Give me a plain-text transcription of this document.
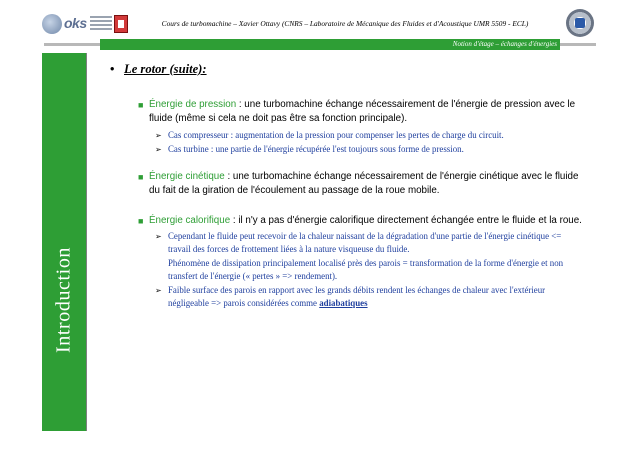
oks	Cours de turbomachine – Xavier Ottavy (CNRS – Laboratoire de Mécanique des Fluides et d'Acoustique UMR 5509 - ECL)
Notion d'étage – échanges d'énergies
Introduction
• Le rotor (suite):
■ Énergie de pression : une turbomachine échange nécessairement de l'énergie de pression avec le fluide (même si cela ne doit pas être sa fonction principale).
➢ Cas compresseur : augmentation de la pression pour compenser les pertes de charge du circuit.
➢ Cas turbine : une partie de l'énergie récupérée l'est toujours sous forme de pression.
■ Énergie cinétique : une turbomachine échange nécessairement de l'énergie cinétique avec le fluide du fait de la giration de l'écoulement au passage de la roue mobile.
■ Énergie calorifique : il n'y a pas d'énergie calorifique directement échangée entre le fluide et la roue.
➢ Cependant le fluide peut recevoir de la chaleur naissant de la dégradation d'une partie de l'énergie cinétique <= travail des forces de frottement liées à la nature visqueuse du fluide.
Phénomène de dissipation principalement localisé près des parois = transformation de la forme d'énergie et non transfert de l'énergie (« pertes » => rendement).
➢ Faible surface des parois en rapport avec les grands débits rendent les échanges de chaleur avec l'extérieur négligeable => parois considérées comme adiabatiques
